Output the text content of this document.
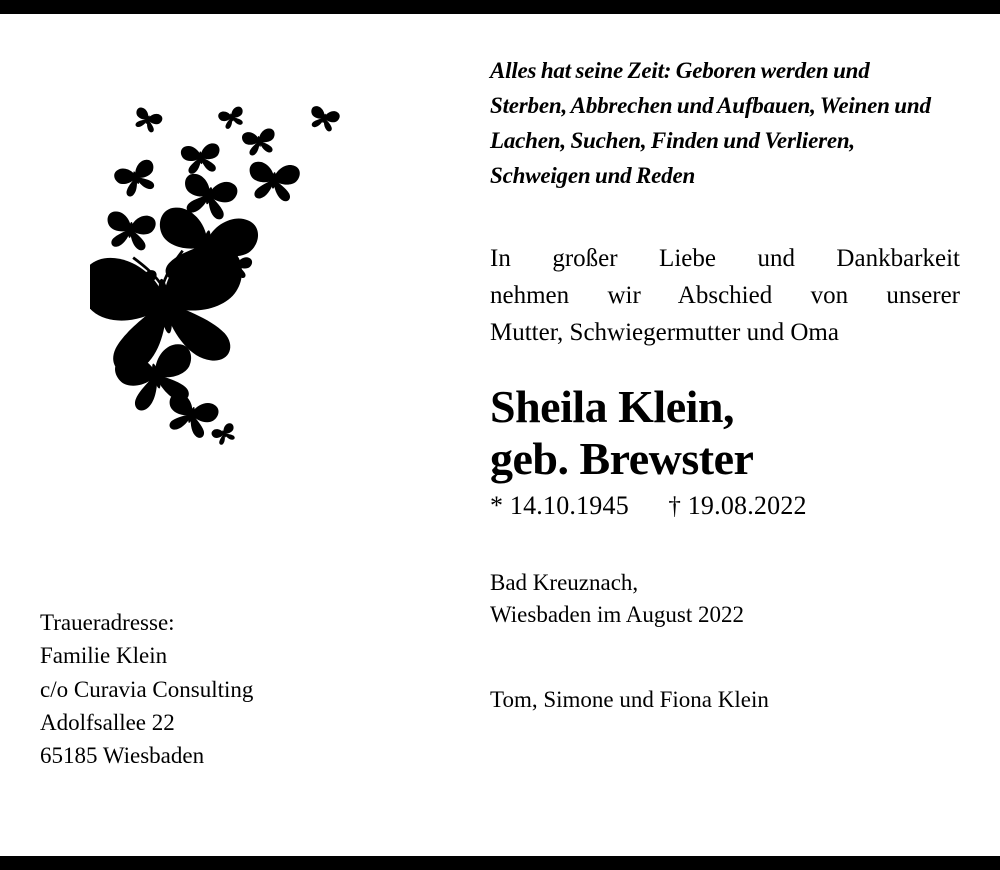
Alles hat seine Zeit: Geboren werden und
Sterben, Abbrechen und Aufbauen, Weinen und
Lachen, Suchen, Finden und Verlieren,
Schweigen und Reden
In großer Liebe und Dankbarkeit
nehmen wir Abschied von unserer
Mutter, Schwiegermutter und Oma
Sheila Klein,
geb. Brewster
* 14.10.1945 † 19.08.2022
Bad Kreuznach,
Wiesbaden im August 2022
Tom, Simone und Fiona Klein
Traueradresse:
Familie Klein
c/o Curavia Consulting
Adolfsallee 22
65185 Wiesbaden
